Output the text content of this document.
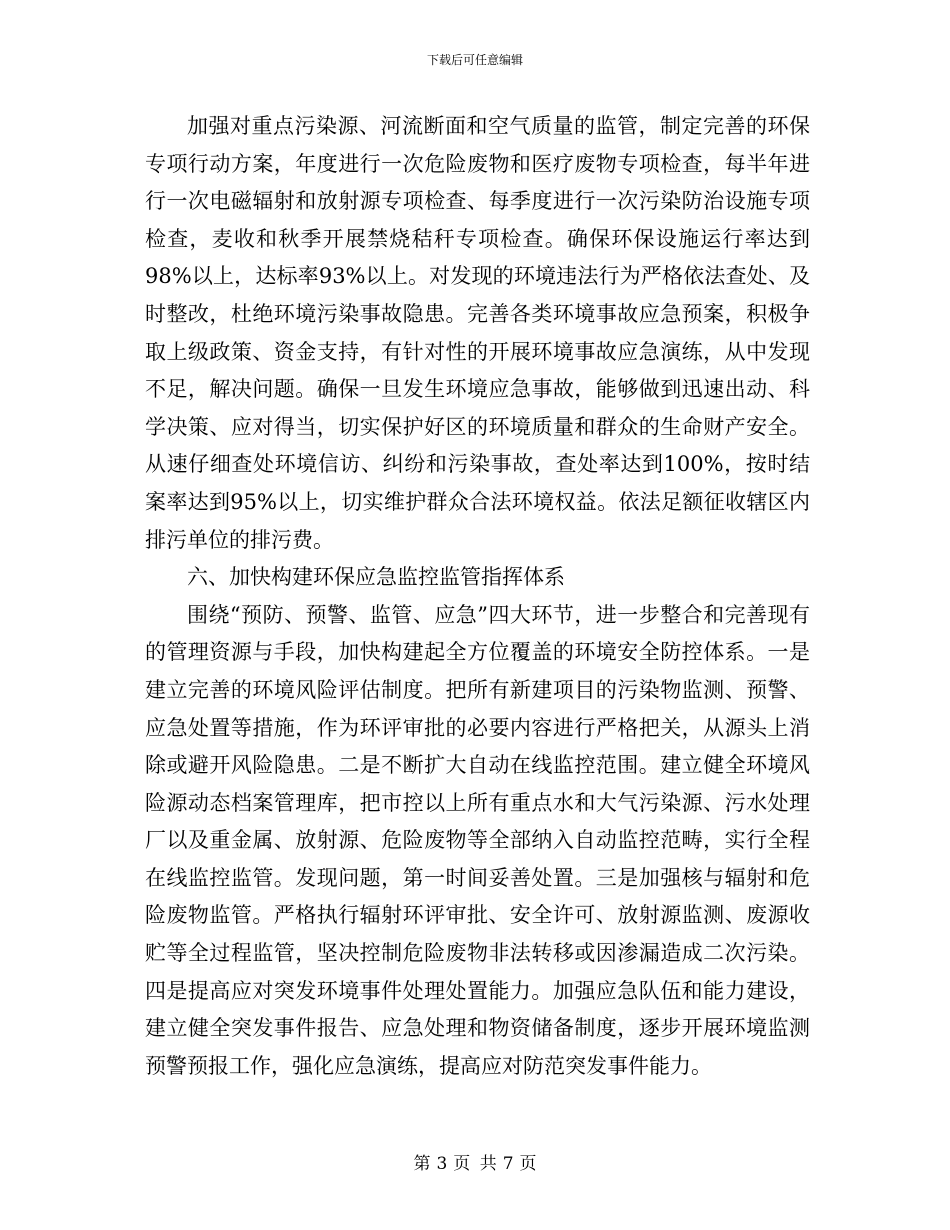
下载后可任意编辑

加强对重点污染源、河流断面和空气质量的监管，制定完善的环保专项行动方案，年度进行一次危险废物和医疗废物专项检查，每半年进行一次电磁辐射和放射源专项检查、每季度进行一次污染防治设施专项检查，麦收和秋季开展禁烧秸秆专项检查。确保环保设施运行率达到98%以上，达标率93%以上。对发现的环境违法行为严格依法查处、及时整改，杜绝环境污染事故隐患。完善各类环境事故应急预案，积极争取上级政策、资金支持，有针对性的开展环境事故应急演练，从中发现不足，解决问题。确保一旦发生环境应急事故，能够做到迅速出动、科学决策、应对得当，切实保护好区的环境质量和群众的生命财产安全。从速仔细查处环境信访、纠纷和污染事故，查处率达到100%，按时结案率达到95%以上，切实维护群众合法环境权益。依法足额征收辖区内排污单位的排污费。

六、加快构建环保应急监控监管指挥体系

围绕“预防、预警、监管、应急”四大环节，进一步整合和完善现有的管理资源与手段，加快构建起全方位覆盖的环境安全防控体系。一是建立完善的环境风险评估制度。把所有新建项目的污染物监测、预警、应急处置等措施，作为环评审批的必要内容进行严格把关，从源头上消除或避开风险隐患。二是不断扩大自动在线监控范围。建立健全环境风险源动态档案管理库，把市控以上所有重点水和大气污染源、污水处理厂以及重金属、放射源、危险废物等全部纳入自动监控范畴，实行全程在线监控监管。发现问题，第一时间妥善处置。三是加强核与辐射和危险废物监管。严格执行辐射环评审批、安全许可、放射源监测、废源收贮等全过程监管，坚决控制危险废物非法转移或因渗漏造成二次污染。四是提高应对突发环境事件处理处置能力。加强应急队伍和能力建设，建立健全突发事件报告、应急处理和物资储备制度，逐步开展环境监测预警预报工作，强化应急演练，提高应对防范突发事件能力。

第 3 页 共 7 页
